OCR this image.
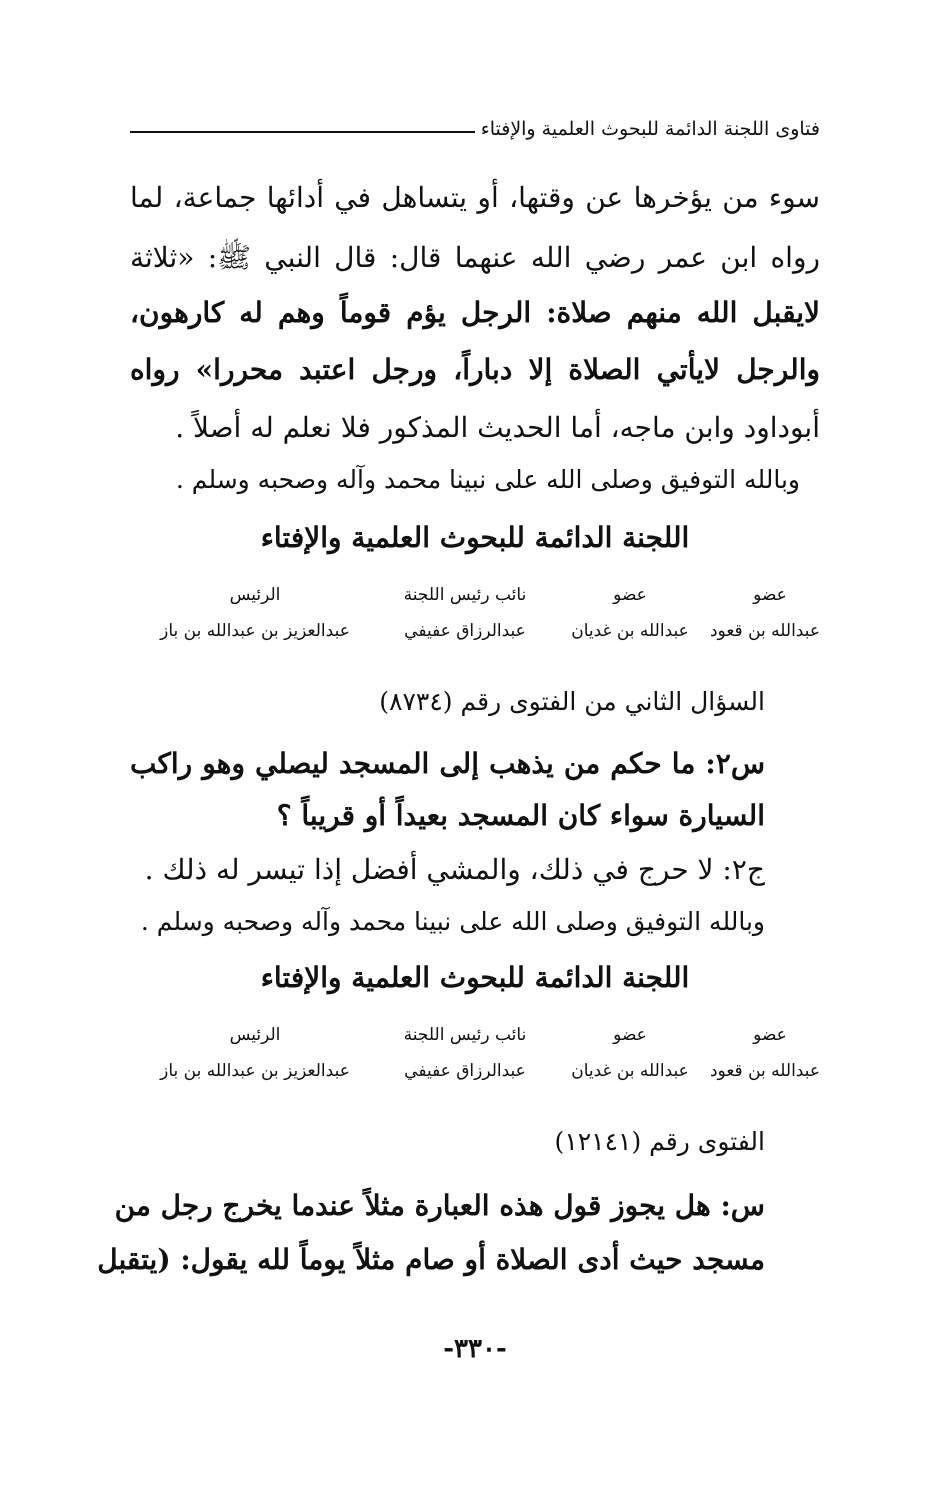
فتاوى اللجنة الدائمة للبحوث العلمية والإفتاء
سوء من يؤخرها عن وقتها، أو يتساهل في أدائها جماعة، لما
رواه ابن عمر رضي الله عنهما قال: قال النبي ﷺ: «ثلاثة
لايقبل الله منهم صلاة: الرجل يؤم قوماً وهم له كارهون،
والرجل لايأتي الصلاة إلا دباراً، ورجل اعتبد محررا» رواه
أبوداود وابن ماجه، أما الحديث المذكور فلا نعلم له أصلاً .
وبالله التوفيق وصلى الله على نبينا محمد وآله وصحبه وسلم .
اللجنة الدائمة للبحوث العلمية والإفتاء
عضو
عضو
نائب رئيس اللجنة
الرئيس
عبدالله بن قعود
عبدالله بن غديان
عبدالرزاق عفيفي
عبدالعزيز بن عبدالله بن باز
السؤال الثاني من الفتوى رقم (٨٧٣٤)
س٢: ما حكم من يذهب إلى المسجد ليصلي وهو راكب
السيارة سواء كان المسجد بعيداً أو قريباً ؟
ج٢: لا حرج في ذلك، والمشي أفضل إذا تيسر له ذلك .
وبالله التوفيق وصلى الله على نبينا محمد وآله وصحبه وسلم .
اللجنة الدائمة للبحوث العلمية والإفتاء
عضو
عضو
نائب رئيس اللجنة
الرئيس
عبدالله بن قعود
عبدالله بن غديان
عبدالرزاق عفيفي
عبدالعزيز بن عبدالله بن باز
الفتوى رقم (١٢١٤١)
س: هل يجوز قول هذه العبارة مثلاً عندما يخرج رجل من
مسجد حيث أدى الصلاة أو صام مثلاً يوماً لله يقول: (يتقبل
-٣٣٠-
